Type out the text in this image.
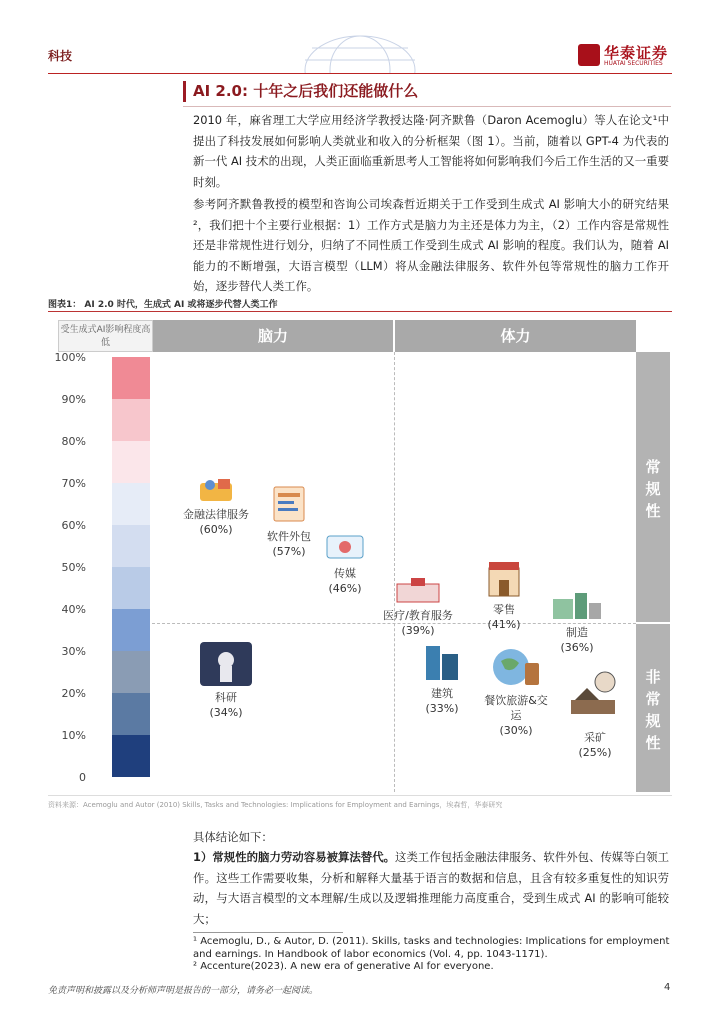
科技	华泰证券
HUATAI SECURITIES
AI 2.0: 十年之后我们还能做什么
2010 年，麻省理工大学应用经济学教授达隆·阿齐默鲁（Daron Acemoglu）等人在论文¹中提出了科技发展如何影响人类就业和收入的分析框架（图 1）。当前，随着以 GPT-4 为代表的新一代 AI 技术的出现，人类正面临重新思考人工智能将如何影响我们今后工作生活的又一重要时刻。
参考阿齐默鲁教授的模型和咨询公司埃森哲近期关于工作受到生成式 AI 影响大小的研究结果²，我们把十个主要行业根据：1）工作方式是脑力为主还是体力为主，（2）工作内容是常规性还是非常规性进行划分，归纳了不同性质工作受到生成式 AI 影响的程度。我们认为，随着 AI 能力的不断增强，大语言模型（LLM）将从金融法律服务、软件外包等常规性的脑力工作开始，逐步替代人类工作。
图表1： AI 2.0 时代，生成式 AI 或将逐步代替人类工作
受生成式AI影响程度高低	脑力	体力
100%
90%
80%
70%
60%
50%
40%
30%
20%
10%
0
常规性
非常规性

金融法律服务
(60%)

软件外包
(57%)

传媒
(46%)

医疗/教育服务
(39%)

零售
(41%)

制造
(36%)

科研
(34%)

建筑
(33%)

餐饮旅游&交运
(30%)

采矿
(25%)
资料来源：Acemoglu and Autor (2010) Skills, Tasks and Technologies: Implications for Employment and Earnings，埃森哲，华泰研究
具体结论如下：
1）常规性的脑力劳动容易被算法替代。这类工作包括金融法律服务、软件外包、传媒等白领工作。这些工作需要收集，分析和解释大量基于语言的数据和信息，且含有较多重复性的知识劳动，与大语言模型的文本理解/生成以及逻辑推理能力高度重合，受到生成式 AI 的影响可能较大；
¹ Acemoglu, D., & Autor, D. (2011). Skills, tasks and technologies: Implications for employment and earnings. In Handbook of labor economics (Vol. 4, pp. 1043-1171).
² Accenture(2023). A new era of generative AI for everyone.
免责声明和披露以及分析师声明是报告的一部分，请务必一起阅读。	4
